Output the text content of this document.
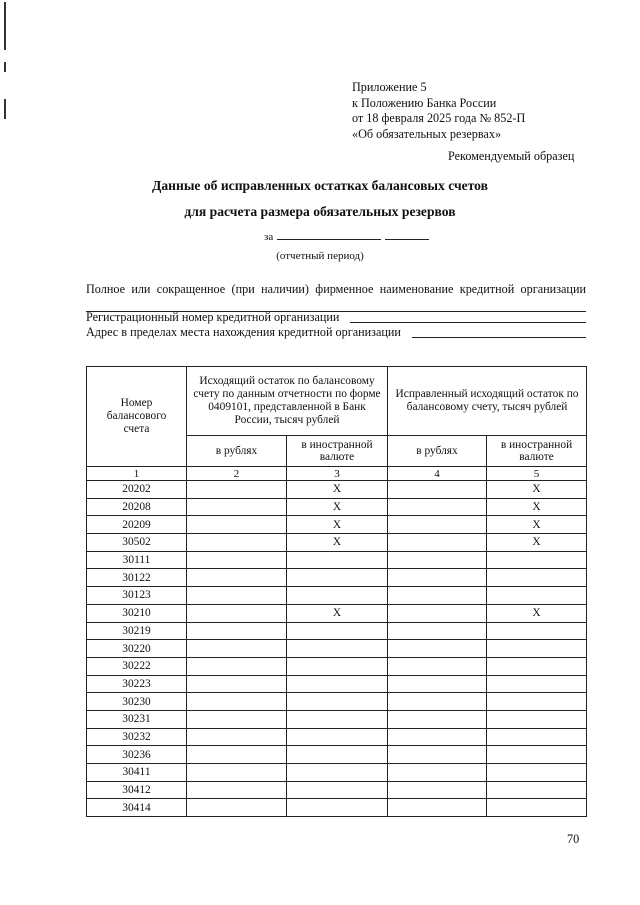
Приложение 5
к Положению Банка России
от 18 февраля 2025 года № 852-П
«Об обязательных резервах»
Рекомендуемый образец
Данные об исправленных остатках балансовых счетов
для расчета размера обязательных резервов
за
(отчетный период)
Полное или сокращенное (при наличии) фирменное наименование кредитной организации
Регистрационный номер кредитной организации
Адрес в пределах места нахождения кредитной организации
Номер балансового счета	Исходящий остаток по балансовому счету по данным отчетности по форме 0409101, представленной в Банк России, тысяч рублей		Исправленный исходящий остаток по балансовому счету, тысяч рублей	
	в рублях	в иностранной валюте	в рублях	в иностранной валюте
1	2	3	4	5
20202		X		X
20208		X		X
20209		X		X
30502		X		X
30111				
30122				
30123				
30210		X		X
30219				
30220				
30222				
30223				
30230				
30231				
30232				
30236				
30411				
30412				
30414				
70
